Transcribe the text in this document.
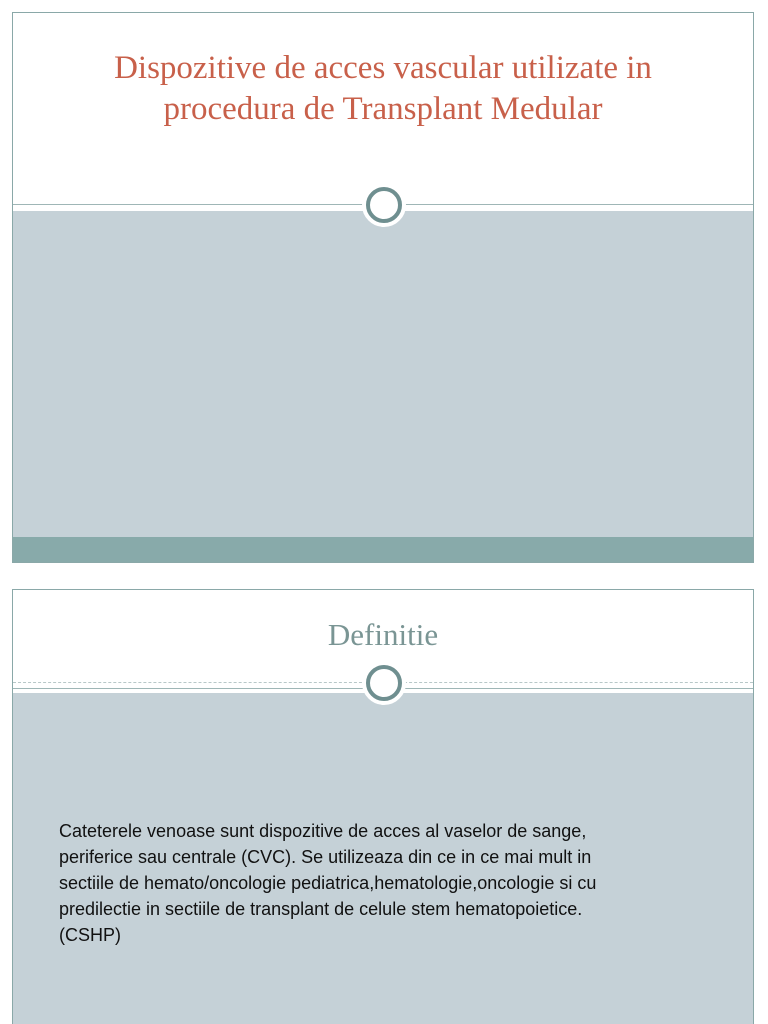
Dispozitive de acces vascular utilizate in
procedura de Transplant Medular
Definitie

Cateterele venoase sunt dispozitive de acces al vaselor de sange,
periferice sau centrale (CVC). Se utilizeaza din ce in ce mai mult in
sectiile de hemato/oncologie pediatrica,hematologie,oncologie si cu
predilectie in sectiile de transplant de celule stem hematopoietice.
(CSHP)
